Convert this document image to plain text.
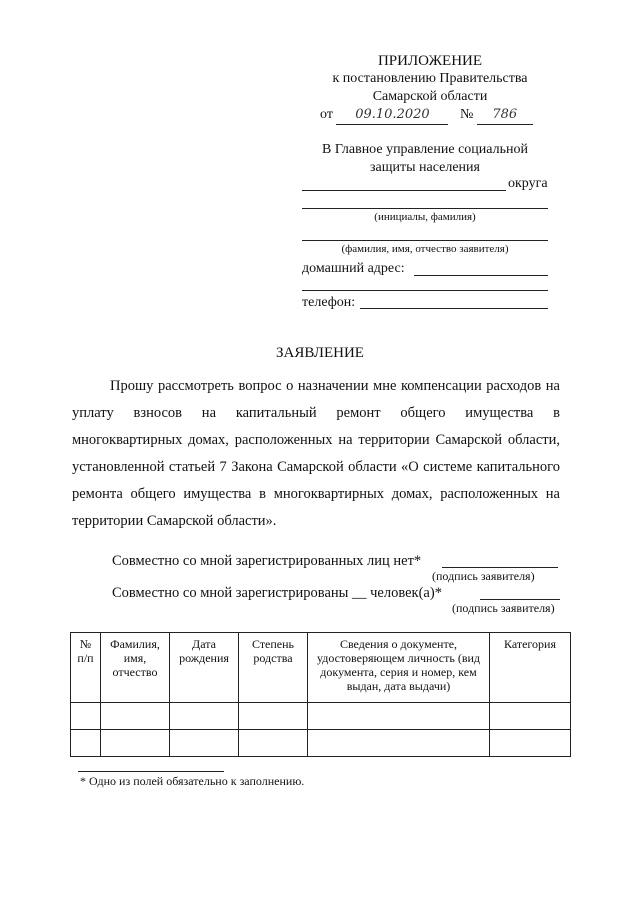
ПРИЛОЖЕНИЕ
к постановлению Правительства
Самарской области
от 09.10.2020 № 786
В Главное управление социальной
защиты населения
округа
(инициалы, фамилия)
(фамилия, имя, отчество заявителя)
домашний адрес:
телефон:
ЗАЯВЛЕНИЕ
Прошу рассмотреть вопрос о назначении мне компенсации расходов на уплату взносов на капитальный ремонт общего имущества в многоквартирных домах, расположенных на территории Самарской области, установленной статьей 7 Закона Самарской области «О системе капитального ремонта общего имущества в многоквартирных домах, расположенных на территории Самарской области».
Совместно со мной зарегистрированных лиц нет*
(подпись заявителя)
Совместно со мной зарегистрированы __ человек(а)*
(подпись заявителя)
№ п/п	Фамилия, имя, отчество	Дата рождения	Степень родства	Сведения о документе, удостоверяющем личность (вид документа, серия и номер, кем выдан, дата выдачи)	Категория

* Одно из полей обязательно к заполнению.
